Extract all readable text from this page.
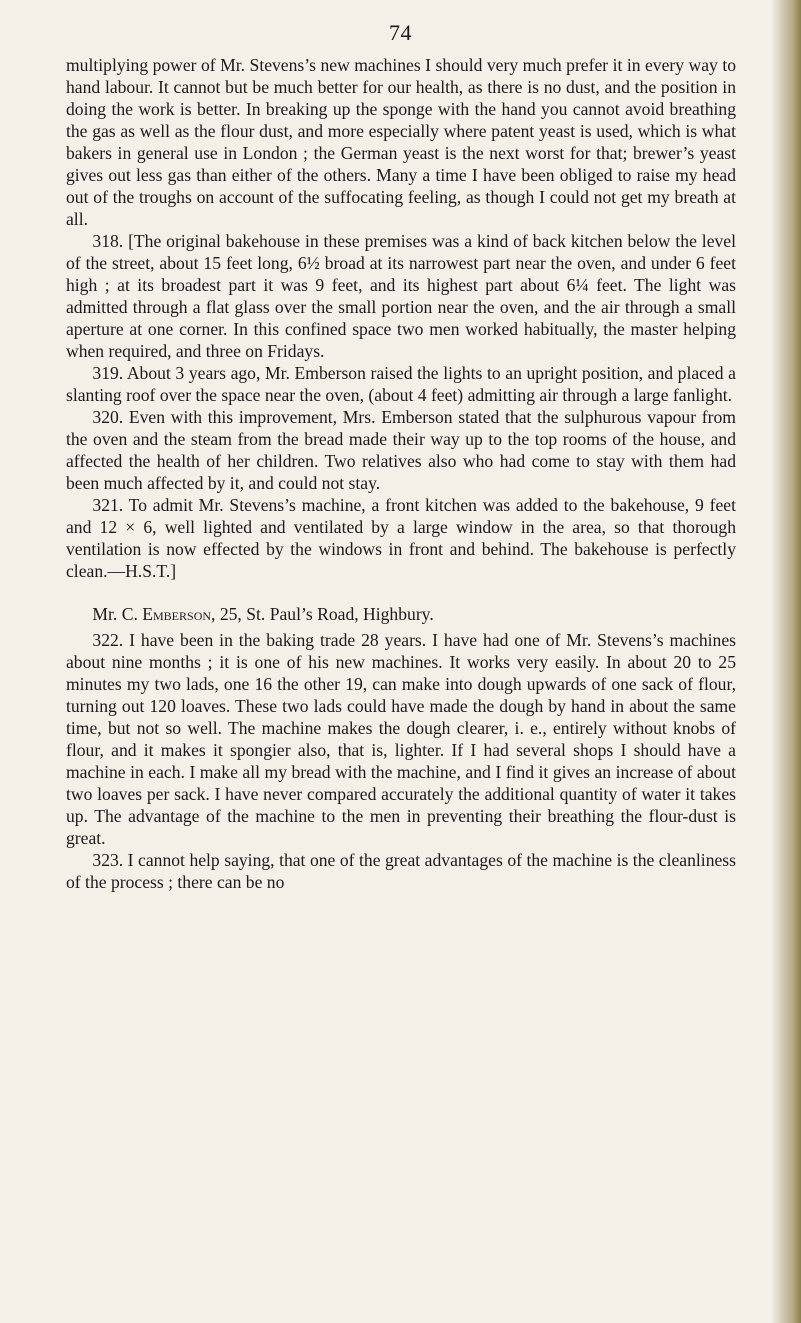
74

multiplying power of Mr. Stevens’s new machines I should very much prefer it in every way to hand labour. It cannot but be much better for our health, as there is no dust, and the position in doing the work is better. In breaking up the sponge with the hand you cannot avoid breathing the gas as well as the flour dust, and more especially where patent yeast is used, which is what bakers in general use in London ; the German yeast is the next worst for that; brewer’s yeast gives out less gas than either of the others. Many a time I have been obliged to raise my head out of the troughs on account of the suffocating feeling, as though I could not get my breath at all.

318. [The original bakehouse in these premises was a kind of back kitchen below the level of the street, about 15 feet long, 6½ broad at its narrowest part near the oven, and under 6 feet high ; at its broadest part it was 9 feet, and its highest part about 6¼ feet. The light was admitted through a flat glass over the small portion near the oven, and the air through a small aperture at one corner. In this confined space two men worked habitually, the master helping when required, and three on Fridays.

319. About 3 years ago, Mr. Emberson raised the lights to an upright position, and placed a slanting roof over the space near the oven, (about 4 feet) admitting air through a large fanlight.

320. Even with this improvement, Mrs. Emberson stated that the sulphurous vapour from the oven and the steam from the bread made their way up to the top rooms of the house, and affected the health of her children. Two relatives also who had come to stay with them had been much affected by it, and could not stay.

321. To admit Mr. Stevens’s machine, a front kitchen was added to the bakehouse, 9 feet and 12 × 6, well lighted and ventilated by a large window in the area, so that thorough ventilation is now effected by the windows in front and behind. The bakehouse is perfectly clean.—H.S.T.]

Mr. C. Emberson, 25, St. Paul’s Road, Highbury.

322. I have been in the baking trade 28 years. I have had one of Mr. Stevens’s machines about nine months ; it is one of his new machines. It works very easily. In about 20 to 25 minutes my two lads, one 16 the other 19, can make into dough upwards of one sack of flour, turning out 120 loaves. These two lads could have made the dough by hand in about the same time, but not so well. The machine makes the dough clearer, i. e., entirely without knobs of flour, and it makes it spongier also, that is, lighter. If I had several shops I should have a machine in each. I make all my bread with the machine, and I find it gives an increase of about two loaves per sack. I have never compared accurately the additional quantity of water it takes up. The advantage of the machine to the men in preventing their breathing the flour-dust is great.

323. I cannot help saying, that one of the great advantages of the machine is the cleanliness of the process ; there can be no
